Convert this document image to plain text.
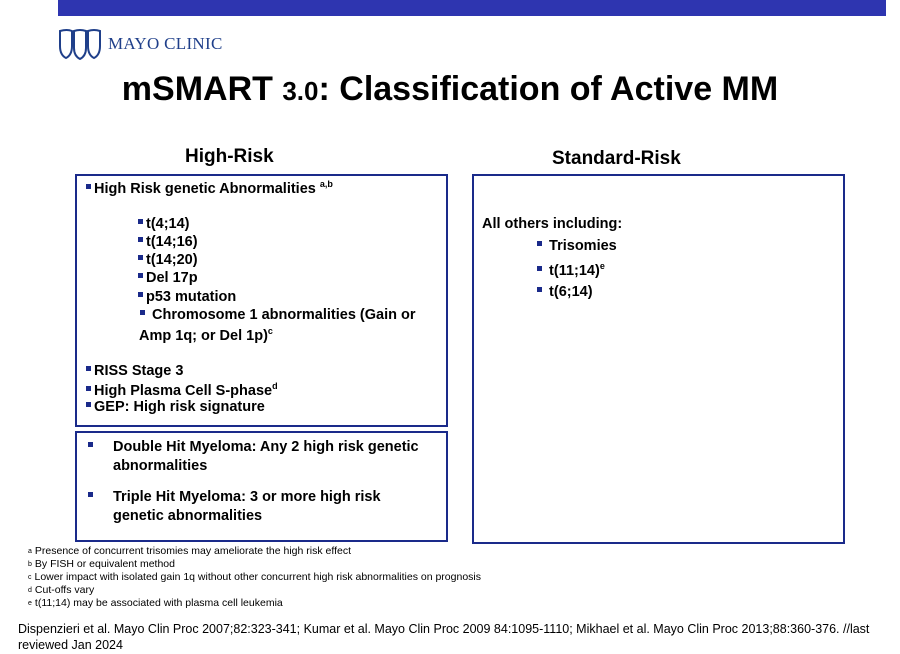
MAYO CLINIC
mSMART 3.0: Classification of Active MM
High-Risk	Standard-Risk
High Risk genetic Abnormalities $^{a,b}$
t(4;14)
t(14;16)
t(14;20)
Del 17p
p53 mutation
Chromosome 1 abnormalities (Gain or
Amp 1q; or Del 1p)$^c$
RISS Stage 3
High Plasma Cell S-phase$^d$
GEP: High risk signature
Double Hit Myeloma: Any 2 high risk genetic
abnormalities
Triple Hit Myeloma: 3 or more high risk
genetic abnormalities
All others including:
Trisomies
t(11;14)$^e$
t(6;14)
a Presence of concurrent trisomies may ameliorate the high risk effect
b By FISH or equivalent method
c Lower impact with isolated gain 1q without other concurrent high risk abnormalities on prognosis
d Cut-offs vary
e t(11;14) may be associated with plasma cell leukemia
Dispenzieri et al. Mayo Clin Proc 2007;82:323-341; Kumar et al. Mayo Clin Proc 2009 84:1095-1110; Mikhael et al. Mayo Clin Proc 2013;88:360-376. //last
reviewed Jan 2024
